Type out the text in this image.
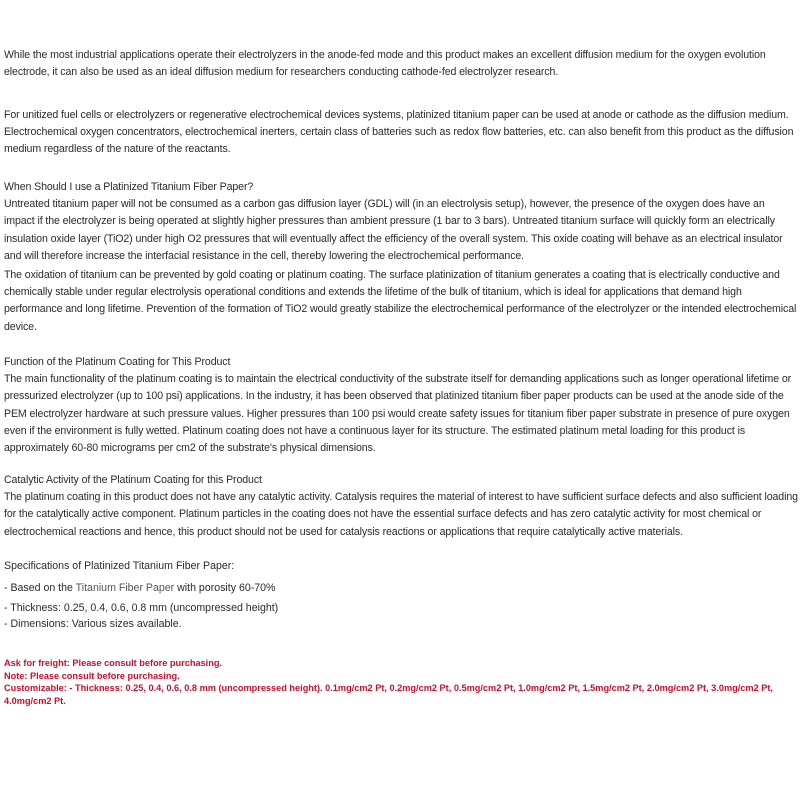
While the most industrial applications operate their electrolyzers in the anode-fed mode and this product makes an excellent diffusion medium for the oxygen evolution electrode, it can also be used as an ideal diffusion medium for researchers conducting cathode-fed electrolyzer research.

For unitized fuel cells or electrolyzers or regenerative electrochemical devices systems, platinized titanium paper can be used at anode or cathode as the diffusion medium. Electrochemical oxygen concentrators, electrochemical inerters, certain class of batteries such as redox flow batteries, etc. can also benefit from this product as the diffusion medium regardless of the nature of the reactants.

When Should I use a Platinized Titanium Fiber Paper?
Untreated titanium paper will not be consumed as a carbon gas diffusion layer (GDL) will (in an electrolysis setup), however, the presence of the oxygen does have an impact if the electrolyzer is being operated at slightly higher pressures than ambient pressure (1 bar to 3 bars). Untreated titanium surface will quickly form an electrically insulation oxide layer (TiO2) under high O2 pressures that will eventually affect the efficiency of the overall system. This oxide coating will behave as an electrical insulator and will therefore increase the interfacial resistance in the cell, thereby lowering the electrochemical performance.

The oxidation of titanium can be prevented by gold coating or platinum coating. The surface platinization of titanium generates a coating that is electrically conductive and chemically stable under regular electrolysis operational conditions and extends the lifetime of the bulk of titanium, which is ideal for applications that demand high performance and long lifetime. Prevention of the formation of TiO2 would greatly stabilize the electrochemical performance of the electrolyzer or the intended electrochemical device.

Function of the Platinum Coating for This Product
The main functionality of the platinum coating is to maintain the electrical conductivity of the substrate itself for demanding applications such as longer operational lifetime or pressurized electrolyzer (up to 100 psi) applications. In the industry, it has been observed that platinized titanium fiber paper products can be used at the anode side of the PEM electrolyzer hardware at such pressure values. Higher pressures than 100 psi would create safety issues for titanium fiber paper substrate in presence of pure oxygen even if the environment is fully wetted. Platinum coating does not have a continuous layer for its structure. The estimated platinum metal loading for this product is approximately 60-80 micrograms per cm2 of the substrate's physical dimensions.

Catalytic Activity of the Platinum Coating for this Product
The platinum coating in this product does not have any catalytic activity. Catalysis requires the material of interest to have sufficient surface defects and also sufficient loading for the catalytically active component. Platinum particles in the coating does not have the essential surface defects and has zero catalytic activity for most chemical or electrochemical reactions and hence, this product should not be used for catalysis reactions or applications that require catalytically active materials.

Specifications of Platinized Titanium Fiber Paper:

- Based on the Titanium Fiber Paper with porosity 60-70%

- Thickness: 0.25, 0.4, 0.6, 0.8 mm (uncompressed height)

- Dimensions: Various sizes available.

Ask for freight: Please consult before purchasing.

Note: Please consult before purchasing.

Customizable: - Thickness: 0.25, 0.4, 0.6, 0.8 mm (uncompressed height). 0.1mg/cm2 Pt, 0.2mg/cm2 Pt, 0.5mg/cm2 Pt, 1.0mg/cm2 Pt, 1.5mg/cm2 Pt, 2.0mg/cm2 Pt, 3.0mg/cm2 Pt, 4.0mg/cm2 Pt.
